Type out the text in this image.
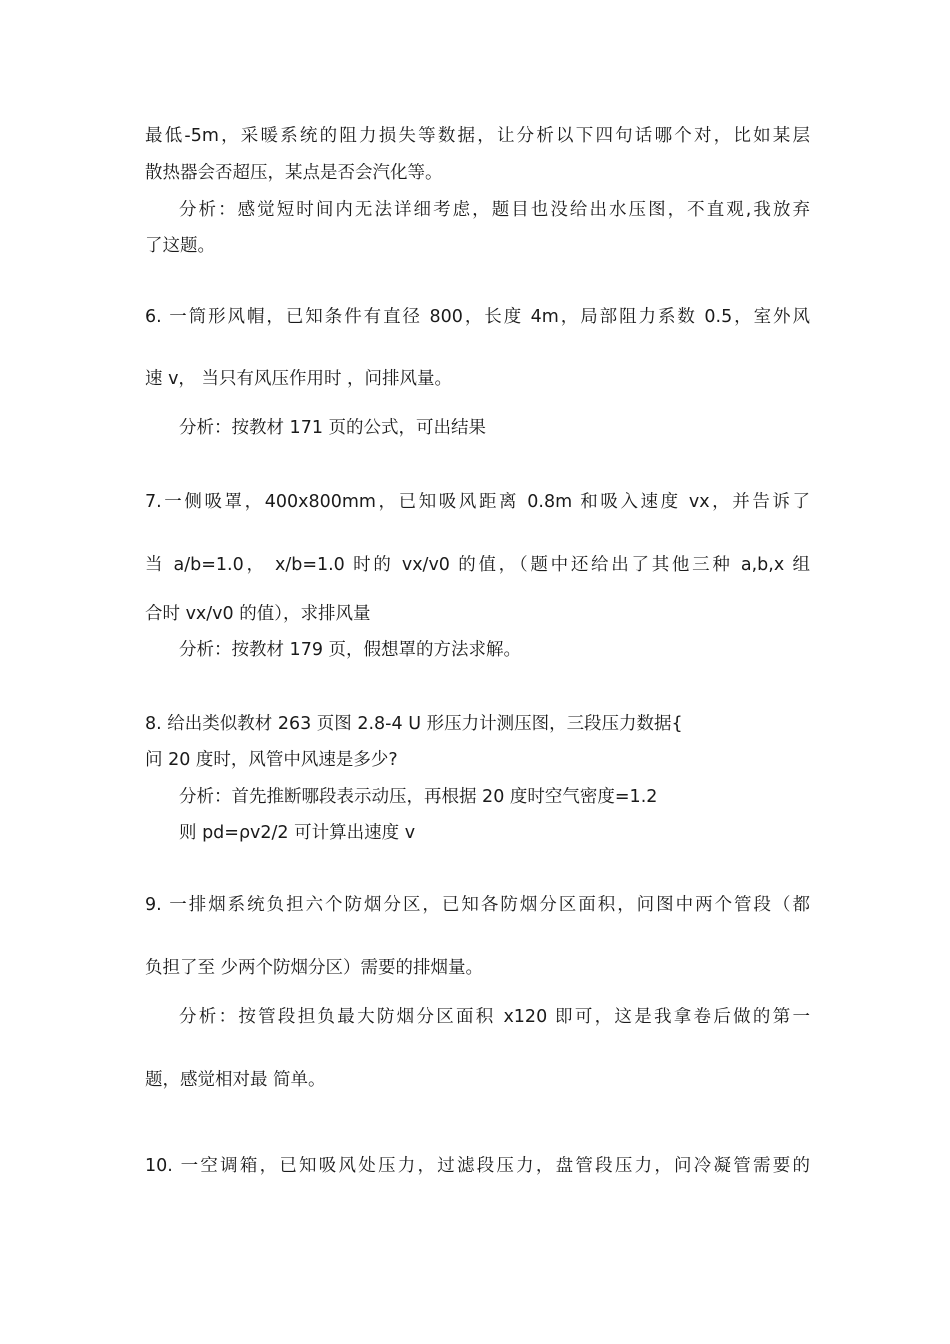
最低-5m，采暖系统的阻力损失等数据，让分析以下四句话哪个对，比如某层
散热器会否超压，某点是否会汽化等。
分析：感觉短时间内无法详细考虑，题目也没给出水压图，不直观,我放弃
了这题。
6. 一筒形风帽，已知条件有直径 800，长度 4m，局部阻力系数 0.5，室外风
速 v， 当只有风压作用时 ，问排风量。
分析：按教材 171 页的公式，可出结果
7.一侧吸罩，400x800mm，已知吸风距离 0.8m 和吸入速度 vx，并告诉了
当 a/b=1.0， x/b=1.0 时的 vx/v0 的值，（题中还给出了其他三种 a,b,x 组
合时 vx/v0 的值），求排风量
分析：按教材 179 页，假想罩的方法求解。
8. 给出类似教材 263 页图 2.8-4 U 形压力计测压图，三段压力数据{
问 20 度时，风管中风速是多少?
分析：首先推断哪段表示动压，再根据 20 度时空气密度=1.2
则 pd=ρv2/2 可计算出速度 v
9. 一排烟系统负担六个防烟分区，已知各防烟分区面积，问图中两个管段（都
负担了至 少两个防烟分区）需要的排烟量。
分析：按管段担负最大防烟分区面积 x120 即可，这是我拿卷后做的第一
题，感觉相对最 简单。
10. 一空调箱，已知吸风处压力，过滤段压力，盘管段压力，问冷凝管需要的
